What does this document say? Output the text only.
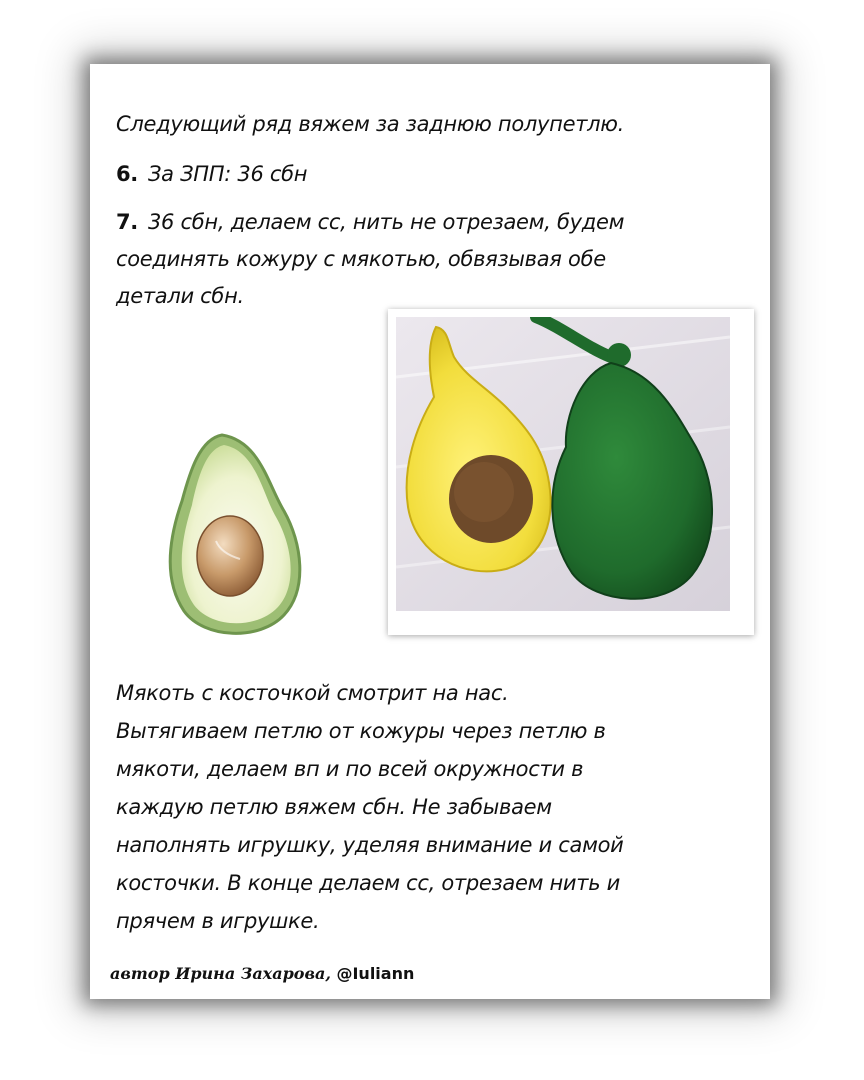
Следующий ряд вяжем за заднюю полупетлю.

6. За ЗПП: 36 сбн

7. 36 сбн, делаем сс, нить не отрезаем, будем
соединять кожуру с мякотью, обвязывая обе
детали сбн.
Мякоть с косточкой смотрит на нас.
Вытягиваем петлю от кожуры через петлю в
мякоти, делаем вп и по всей окружности в
каждую петлю вяжем сбн. Не забываем
наполнять игрушку, уделяя внимание и самой
косточки. В конце делаем сс, отрезаем нить и
прячем в игрушке.
автор Ирина Захарова, @Iuliann
